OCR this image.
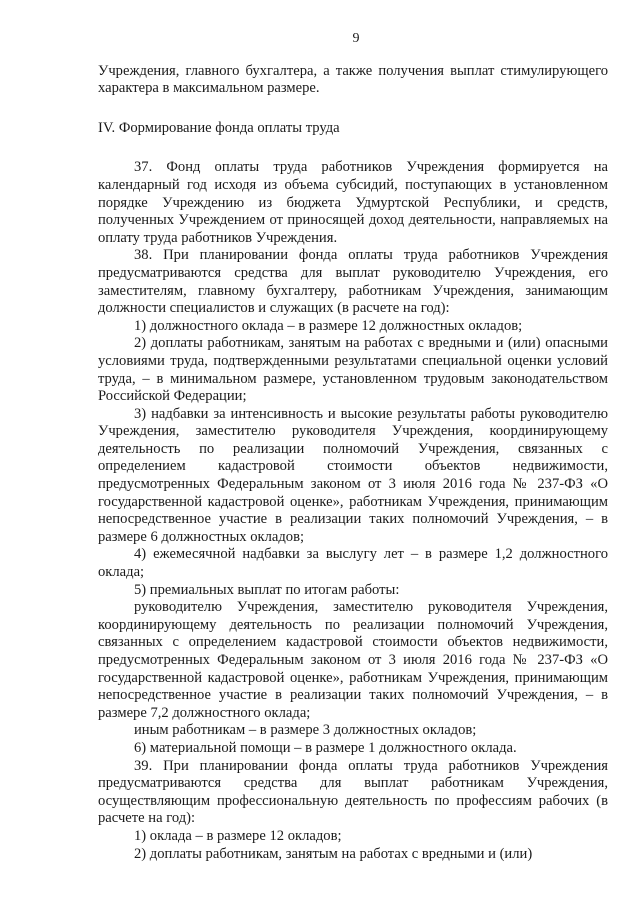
9

Учреждения, главного бухгалтера, а также получения выплат стимулирующего характера в максимальном размере.

IV. Формирование фонда оплаты труда

37. Фонд оплаты труда работников Учреждения формируется на календарный год исходя из объема субсидий, поступающих в установленном порядке Учреждению из бюджета Удмуртской Республики, и средств, полученных Учреждением от приносящей доход деятельности, направляемых на оплату труда работников Учреждения.

38. При планировании фонда оплаты труда работников Учреждения предусматриваются средства для выплат руководителю Учреждения, его заместителям, главному бухгалтеру, работникам Учреждения, занимающим должности специалистов и служащих (в расчете на год):

1) должностного оклада – в размере 12 должностных окладов;

2) доплаты работникам, занятым на работах с вредными и (или) опасными условиями труда, подтвержденными результатами специальной оценки условий труда, – в минимальном размере, установленном трудовым законодательством Российской Федерации;

3) надбавки за интенсивность и высокие результаты работы руководителю Учреждения, заместителю руководителя Учреждения, координирующему деятельность по реализации полномочий Учреждения, связанных с определением кадастровой стоимости объектов недвижимости, предусмотренных Федеральным законом от 3 июля 2016 года № 237-ФЗ «О государственной кадастровой оценке», работникам Учреждения, принимающим непосредственное участие в реализации таких полномочий Учреждения, – в размере 6 должностных окладов;

4) ежемесячной надбавки за выслугу лет – в размере 1,2 должностного оклада;

5) премиальных выплат по итогам работы:

руководителю Учреждения, заместителю руководителя Учреждения, координирующему деятельность по реализации полномочий Учреждения, связанных с определением кадастровой стоимости объектов недвижимости, предусмотренных Федеральным законом от 3 июля 2016 года № 237-ФЗ «О государственной кадастровой оценке», работникам Учреждения, принимающим непосредственное участие в реализации таких полномочий Учреждения, – в размере 7,2 должностного оклада;

иным работникам – в размере 3 должностных окладов;

6) материальной помощи – в размере 1 должностного оклада.

39. При планировании фонда оплаты труда работников Учреждения предусматриваются средства для выплат работникам Учреждения, осуществляющим профессиональную деятельность по профессиям рабочих (в расчете на год):

1) оклада – в размере 12 окладов;

2) доплаты работникам, занятым на работах с вредными и (или)
